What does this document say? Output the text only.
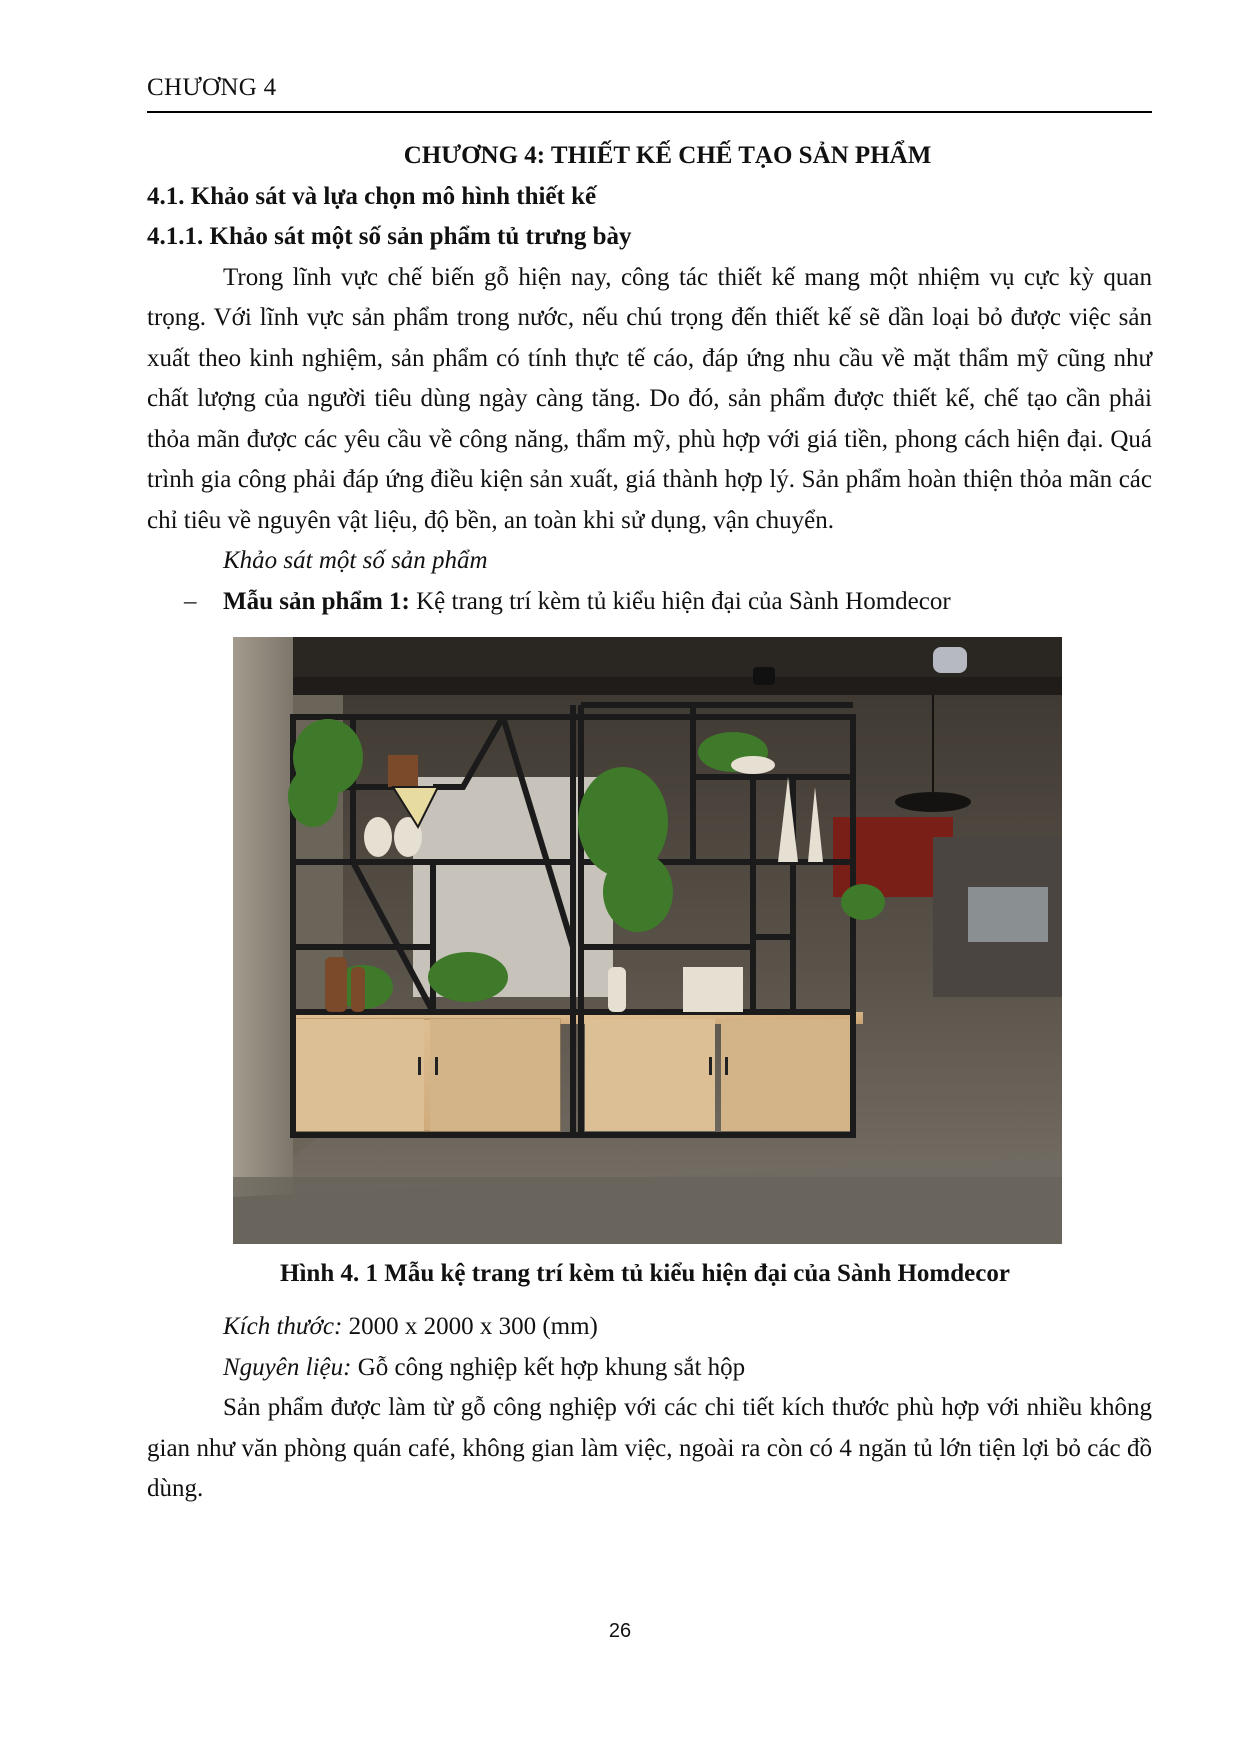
CHƯƠNG 4

CHƯƠNG 4: THIẾT KẾ CHẾ TẠO SẢN PHẨM

4.1. Khảo sát và lựa chọn mô hình thiết kế

4.1.1. Khảo sát một số sản phẩm tủ trưng bày

Trong lĩnh vực chế biến gỗ hiện nay, công tác thiết kế mang một nhiệm vụ cực kỳ quan trọng. Với lĩnh vực sản phẩm trong nước, nếu chú trọng đến thiết kế sẽ dần loại bỏ được việc sản xuất theo kinh nghiệm, sản phẩm có tính thực tế cáo, đáp ứng nhu cầu về mặt thẩm mỹ cũng như chất lượng của người tiêu dùng ngày càng tăng. Do đó, sản phẩm được thiết kế, chế tạo cần phải thỏa mãn được các yêu cầu về công năng, thẩm mỹ, phù hợp với giá tiền, phong cách hiện đại. Quá trình gia công phải đáp ứng điều kiện sản xuất, giá thành hợp lý. Sản phẩm hoàn thiện thỏa mãn các chỉ tiêu về nguyên vật liệu, độ bền, an toàn khi sử dụng, vận chuyển.

Khảo sát một số sản phẩm

– Mẫu sản phẩm 1: Kệ trang trí kèm tủ kiểu hiện đại của Sành Homdecor

Hình 4. 1 Mẫu kệ trang trí kèm tủ kiểu hiện đại của Sành Homdecor

Kích thước: 2000 x 2000 x 300 (mm)

Nguyên liệu: Gỗ công nghiệp kết hợp khung sắt hộp

Sản phẩm được làm từ gỗ công nghiệp với các chi tiết kích thước phù hợp với nhiều không gian như văn phòng quán café, không gian làm việc, ngoài ra còn có 4 ngăn tủ lớn tiện lợi bỏ các đồ dùng.

26
